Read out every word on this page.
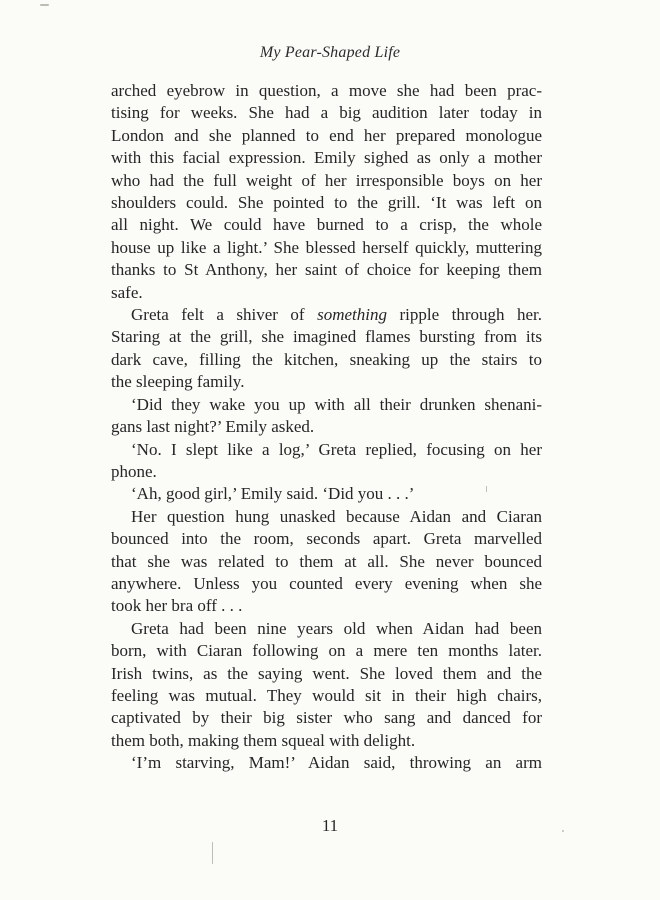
My Pear-Shaped Life

arched eyebrow in question, a move she had been prac-
tising for weeks. She had a big audition later today in
London and she planned to end her prepared monologue
with this facial expression. Emily sighed as only a mother
who had the full weight of her irresponsible boys on her
shoulders could. She pointed to the grill. ‘It was left on
all night. We could have burned to a crisp, the whole
house up like a light.’ She blessed herself quickly, muttering
thanks to St Anthony, her saint of choice for keeping them
safe.

Greta felt a shiver of something ripple through her.
Staring at the grill, she imagined flames bursting from its
dark cave, filling the kitchen, sneaking up the stairs to
the sleeping family.

‘Did they wake you up with all their drunken shenani-
gans last night?’ Emily asked.

‘No. I slept like a log,’ Greta replied, focusing on her
phone.

‘Ah, good girl,’ Emily said. ‘Did you . . .’

Her question hung unasked because Aidan and Ciaran
bounced into the room, seconds apart. Greta marvelled
that she was related to them at all. She never bounced
anywhere. Unless you counted every evening when she
took her bra off . . .

Greta had been nine years old when Aidan had been
born, with Ciaran following on a mere ten months later.
Irish twins, as the saying went. She loved them and the
feeling was mutual. They would sit in their high chairs,
captivated by their big sister who sang and danced for
them both, making them squeal with delight.

‘I’m starving, Mam!’ Aidan said, throwing an arm

11
